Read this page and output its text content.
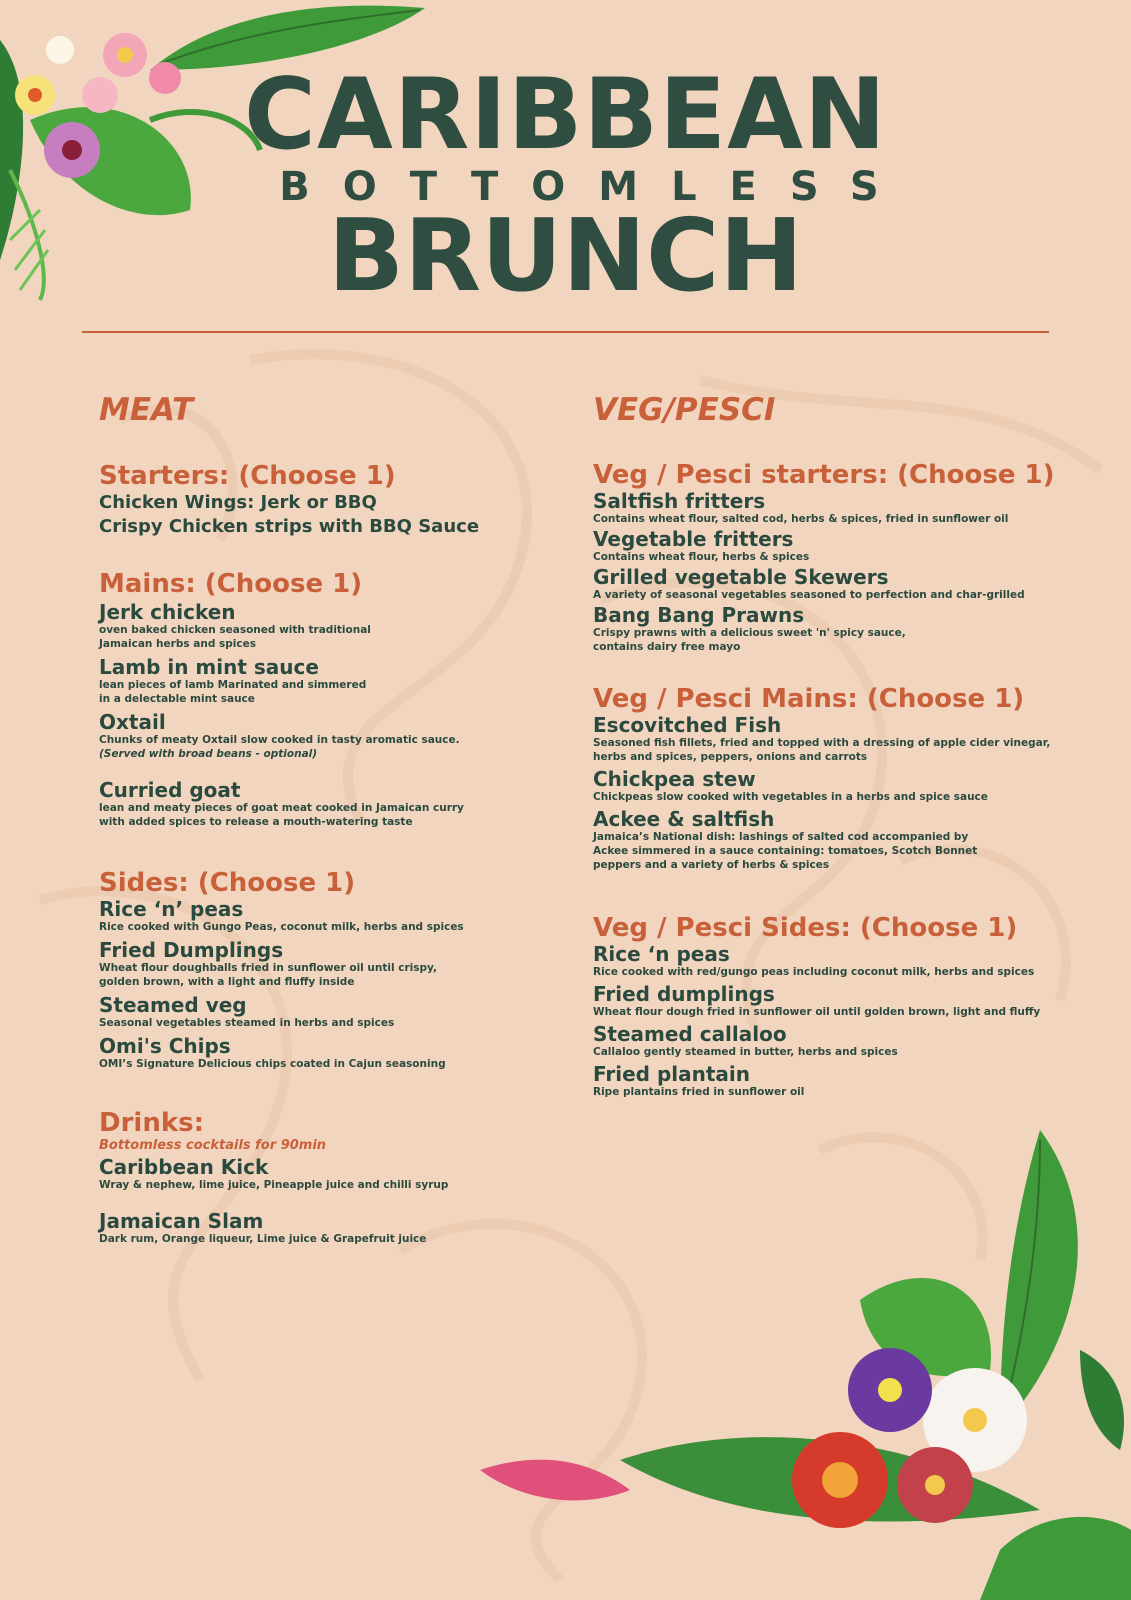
CARIBBEAN
BOTTOMLESS
BRUNCH
MEAT
Starters: (Choose 1)

Chicken Wings: Jerk or BBQ

Crispy Chicken strips with BBQ Sauce

Mains: (Choose 1)

Jerk chicken

oven baked chicken seasoned with traditional

Jamaican herbs and spices

Lamb in mint sauce

lean pieces of lamb Marinated and simmered

in a delectable mint sauce

Oxtail

Chunks of meaty Oxtail slow cooked in tasty aromatic sauce.

(Served with broad beans - optional)

Curried goat

lean and meaty pieces of goat meat cooked in Jamaican curry

with added spices to release a mouth-watering taste

Sides: (Choose 1)

Rice ‘n’ peas

Rice cooked with Gungo Peas, coconut milk, herbs and spices

Fried Dumplings

Wheat flour doughballs fried in sunflower oil until crispy,

golden brown, with a light and fluffy inside

Steamed veg

Seasonal vegetables steamed in herbs and spices

Omi's Chips

OMI’s Signature Delicious chips coated in Cajun seasoning

Drinks:

Bottomless cocktails for 90min

Caribbean Kick

Wray & nephew, lime juice, Pineapple juice and chilli syrup

Jamaican Slam

Dark rum, Orange liqueur, Lime juice & Grapefruit juice

VEG/PESCI
Veg / Pesci starters: (Choose 1)

Saltfish fritters

Contains wheat flour, salted cod, herbs & spices, fried in sunflower oil

Vegetable fritters

Contains wheat flour, herbs & spices

Grilled vegetable Skewers

A variety of seasonal vegetables seasoned to perfection and char-grilled

Bang Bang Prawns

Crispy prawns with a delicious sweet 'n' spicy sauce,

contains dairy free mayo

Veg / Pesci Mains: (Choose 1)

Escovitched Fish

Seasoned fish fillets, fried and topped with a dressing of apple cider vinegar,

herbs and spices, peppers, onions and carrots

Chickpea stew

Chickpeas slow cooked with vegetables in a herbs and spice sauce

Ackee & saltfish

Jamaica’s National dish: lashings of salted cod accompanied by

Ackee simmered in a sauce containing: tomatoes, Scotch Bonnet

peppers and a variety of herbs & spices

Veg / Pesci Sides: (Choose 1)

Rice ‘n peas

Rice cooked with red/gungo peas including coconut milk, herbs and spices

Fried dumplings

Wheat flour dough fried in sunflower oil until golden brown, light and fluffy

Steamed callaloo

Callaloo gently steamed in butter, herbs and spices

Fried plantain

Ripe plantains fried in sunflower oil
